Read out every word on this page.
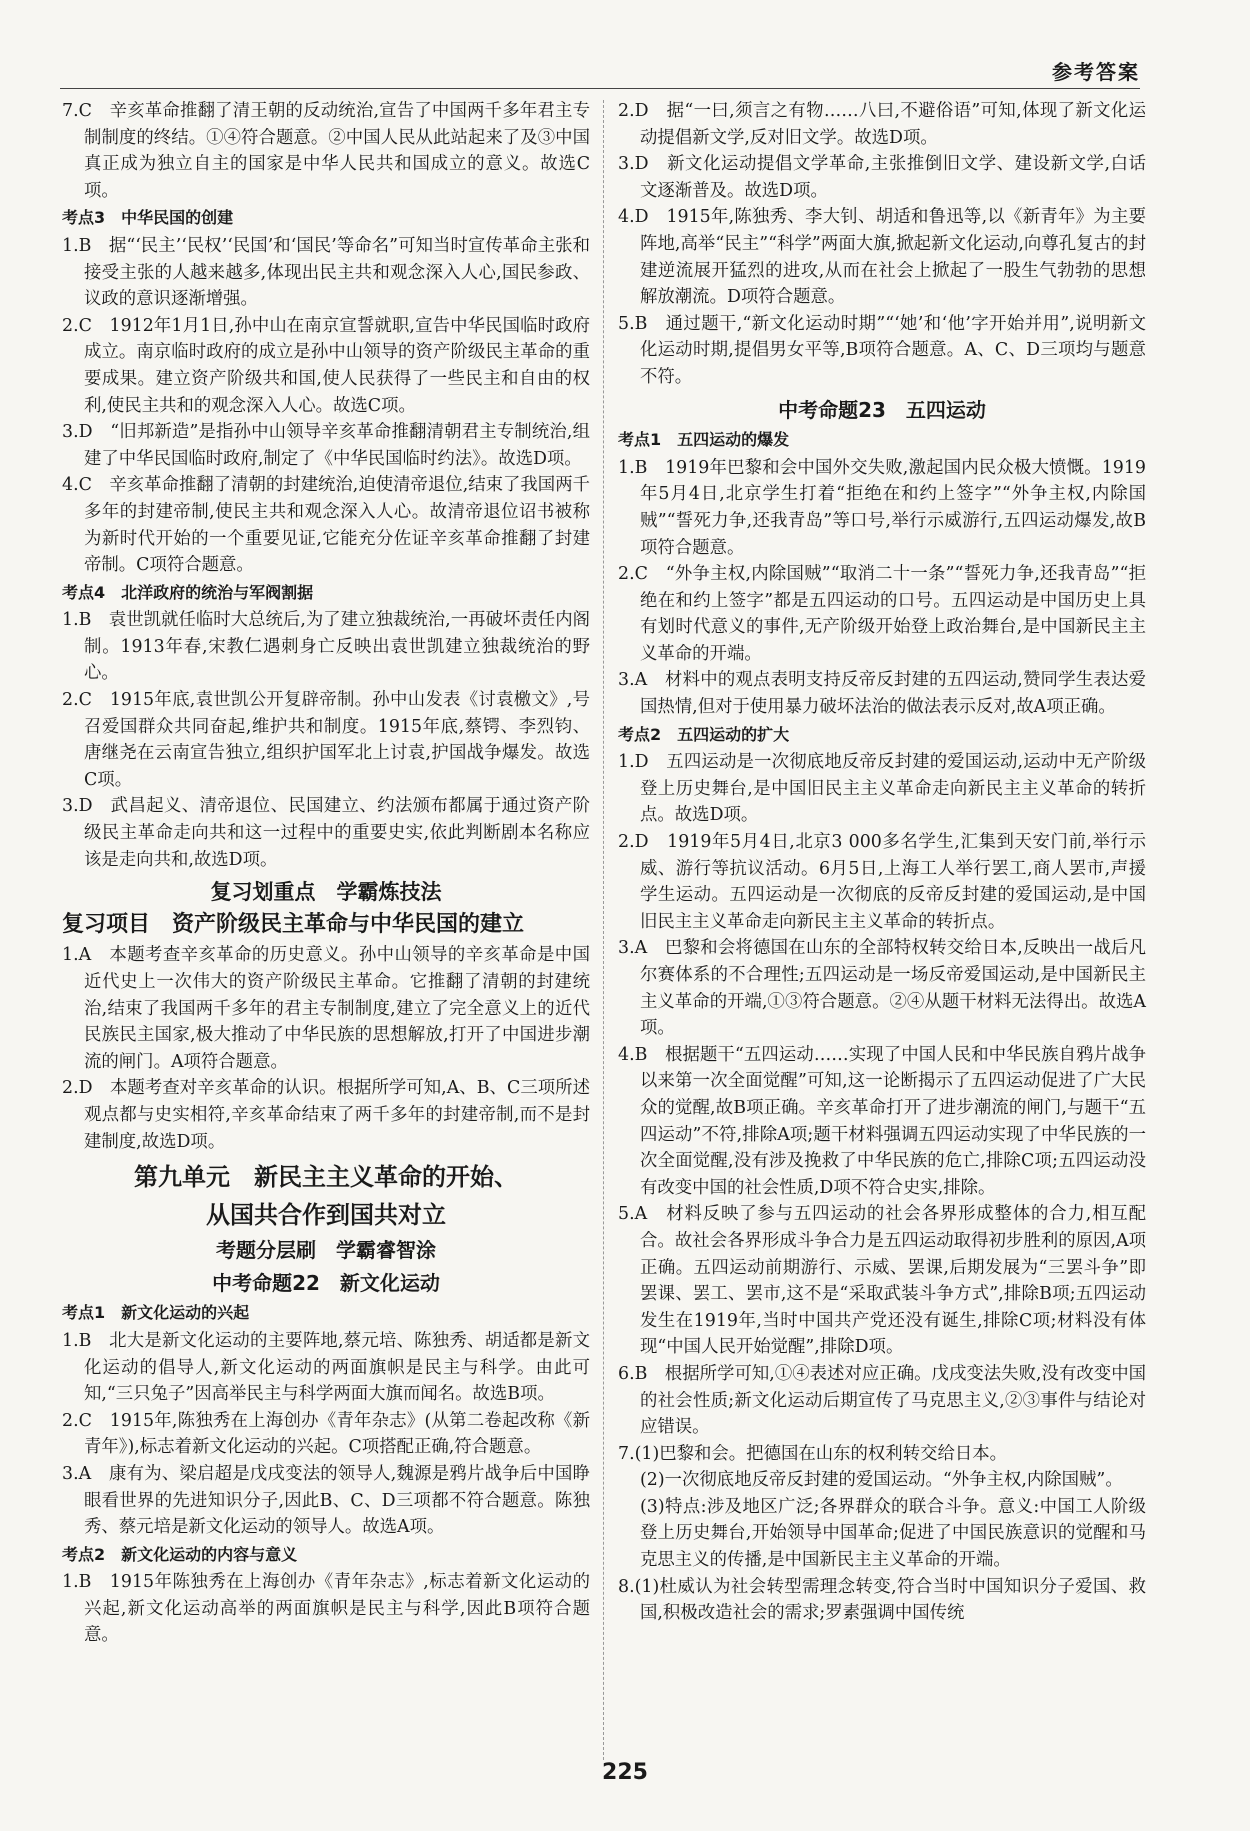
参考答案
7.C　辛亥革命推翻了清王朝的反动统治,宣告了中国两千多年君主专制制度的终结。①④符合题意。②中国人民从此站起来了及③中国真正成为独立自主的国家是中华人民共和国成立的意义。故选C项。
考点3　中华民国的创建
1.B　据“‘民主’‘民权’‘民国’和‘国民’等命名”可知当时宣传革命主张和接受主张的人越来越多,体现出民主共和观念深入人心,国民参政、议政的意识逐渐增强。
2.C　1912年1月1日,孙中山在南京宣誓就职,宣告中华民国临时政府成立。南京临时政府的成立是孙中山领导的资产阶级民主革命的重要成果。建立资产阶级共和国,使人民获得了一些民主和自由的权利,使民主共和的观念深入人心。故选C项。
3.D　“旧邦新造”是指孙中山领导辛亥革命推翻清朝君主专制统治,组建了中华民国临时政府,制定了《中华民国临时约法》。故选D项。
4.C　辛亥革命推翻了清朝的封建统治,迫使清帝退位,结束了我国两千多年的封建帝制,使民主共和观念深入人心。故清帝退位诏书被称为新时代开始的一个重要见证,它能充分佐证辛亥革命推翻了封建帝制。C项符合题意。
考点4　北洋政府的统治与军阀割据
1.B　袁世凯就任临时大总统后,为了建立独裁统治,一再破坏责任内阁制。1913年春,宋教仁遇刺身亡反映出袁世凯建立独裁统治的野心。
2.C　1915年底,袁世凯公开复辟帝制。孙中山发表《讨袁檄文》,号召爱国群众共同奋起,维护共和制度。1915年底,蔡锷、李烈钧、唐继尧在云南宣告独立,组织护国军北上讨袁,护国战争爆发。故选C项。
3.D　武昌起义、清帝退位、民国建立、约法颁布都属于通过资产阶级民主革命走向共和这一过程中的重要史实,依此判断剧本名称应该是走向共和,故选D项。
复习划重点　学霸炼技法
复习项目　资产阶级民主革命与中华民国的建立
1.A　本题考查辛亥革命的历史意义。孙中山领导的辛亥革命是中国近代史上一次伟大的资产阶级民主革命。它推翻了清朝的封建统治,结束了我国两千多年的君主专制制度,建立了完全意义上的近代民族民主国家,极大推动了中华民族的思想解放,打开了中国进步潮流的闸门。A项符合题意。
2.D　本题考查对辛亥革命的认识。根据所学可知,A、B、C三项所述观点都与史实相符,辛亥革命结束了两千多年的封建帝制,而不是封建制度,故选D项。
第九单元　新民主主义革命的开始、
从国共合作到国共对立
考题分层刷　学霸睿智涂
中考命题22　新文化运动
考点1　新文化运动的兴起
1.B　北大是新文化运动的主要阵地,蔡元培、陈独秀、胡适都是新文化运动的倡导人,新文化运动的两面旗帜是民主与科学。由此可知,“三只兔子”因高举民主与科学两面大旗而闻名。故选B项。
2.C　1915年,陈独秀在上海创办《青年杂志》(从第二卷起改称《新青年》),标志着新文化运动的兴起。C项搭配正确,符合题意。
3.A　康有为、梁启超是戊戌变法的领导人,魏源是鸦片战争后中国睁眼看世界的先进知识分子,因此B、C、D三项都不符合题意。陈独秀、蔡元培是新文化运动的领导人。故选A项。
考点2　新文化运动的内容与意义
1.B　1915年陈独秀在上海创办《青年杂志》,标志着新文化运动的兴起,新文化运动高举的两面旗帜是民主与科学,因此B项符合题意。
2.D　据“一曰,须言之有物……八曰,不避俗语”可知,体现了新文化运动提倡新文学,反对旧文学。故选D项。
3.D　新文化运动提倡文学革命,主张推倒旧文学、建设新文学,白话文逐渐普及。故选D项。
4.D　1915年,陈独秀、李大钊、胡适和鲁迅等,以《新青年》为主要阵地,高举“民主”“科学”两面大旗,掀起新文化运动,向尊孔复古的封建逆流展开猛烈的进攻,从而在社会上掀起了一股生气勃勃的思想解放潮流。D项符合题意。
5.B　通过题干,“新文化运动时期”“‘她’和‘他’字开始并用”,说明新文化运动时期,提倡男女平等,B项符合题意。A、C、D三项均与题意不符。
中考命题23　五四运动
考点1　五四运动的爆发
1.B　1919年巴黎和会中国外交失败,激起国内民众极大愤慨。1919年5月4日,北京学生打着“拒绝在和约上签字”“外争主权,内除国贼”“誓死力争,还我青岛”等口号,举行示威游行,五四运动爆发,故B项符合题意。
2.C　“外争主权,内除国贼”“取消二十一条”“誓死力争,还我青岛”“拒绝在和约上签字”都是五四运动的口号。五四运动是中国历史上具有划时代意义的事件,无产阶级开始登上政治舞台,是中国新民主主义革命的开端。
3.A　材料中的观点表明支持反帝反封建的五四运动,赞同学生表达爱国热情,但对于使用暴力破坏法治的做法表示反对,故A项正确。
考点2　五四运动的扩大
1.D　五四运动是一次彻底地反帝反封建的爱国运动,运动中无产阶级登上历史舞台,是中国旧民主主义革命走向新民主主义革命的转折点。故选D项。
2.D　1919年5月4日,北京3 000多名学生,汇集到天安门前,举行示威、游行等抗议活动。6月5日,上海工人举行罢工,商人罢市,声援学生运动。五四运动是一次彻底的反帝反封建的爱国运动,是中国旧民主主义革命走向新民主主义革命的转折点。
3.A　巴黎和会将德国在山东的全部特权转交给日本,反映出一战后凡尔赛体系的不合理性;五四运动是一场反帝爱国运动,是中国新民主主义革命的开端,①③符合题意。②④从题干材料无法得出。故选A项。
4.B　根据题干“五四运动……实现了中国人民和中华民族自鸦片战争以来第一次全面觉醒”可知,这一论断揭示了五四运动促进了广大民众的觉醒,故B项正确。辛亥革命打开了进步潮流的闸门,与题干“五四运动”不符,排除A项;题干材料强调五四运动实现了中华民族的一次全面觉醒,没有涉及挽救了中华民族的危亡,排除C项;五四运动没有改变中国的社会性质,D项不符合史实,排除。
5.A　材料反映了参与五四运动的社会各界形成整体的合力,相互配合。故社会各界形成斗争合力是五四运动取得初步胜利的原因,A项正确。五四运动前期游行、示威、罢课,后期发展为“三罢斗争”即罢课、罢工、罢市,这不是“采取武装斗争方式”,排除B项;五四运动发生在1919年,当时中国共产党还没有诞生,排除C项;材料没有体现“中国人民开始觉醒”,排除D项。
6.B　根据所学可知,①④表述对应正确。戊戌变法失败,没有改变中国的社会性质;新文化运动后期宣传了马克思主义,②③事件与结论对应错误。
7.(1)巴黎和会。把德国在山东的权利转交给日本。
(2)一次彻底地反帝反封建的爱国运动。“外争主权,内除国贼”。
(3)特点:涉及地区广泛;各界群众的联合斗争。意义:中国工人阶级登上历史舞台,开始领导中国革命;促进了中国民族意识的觉醒和马克思主义的传播,是中国新民主主义革命的开端。
8.(1)杜威认为社会转型需理念转变,符合当时中国知识分子爱国、救国,积极改造社会的需求;罗素强调中国传统
225
